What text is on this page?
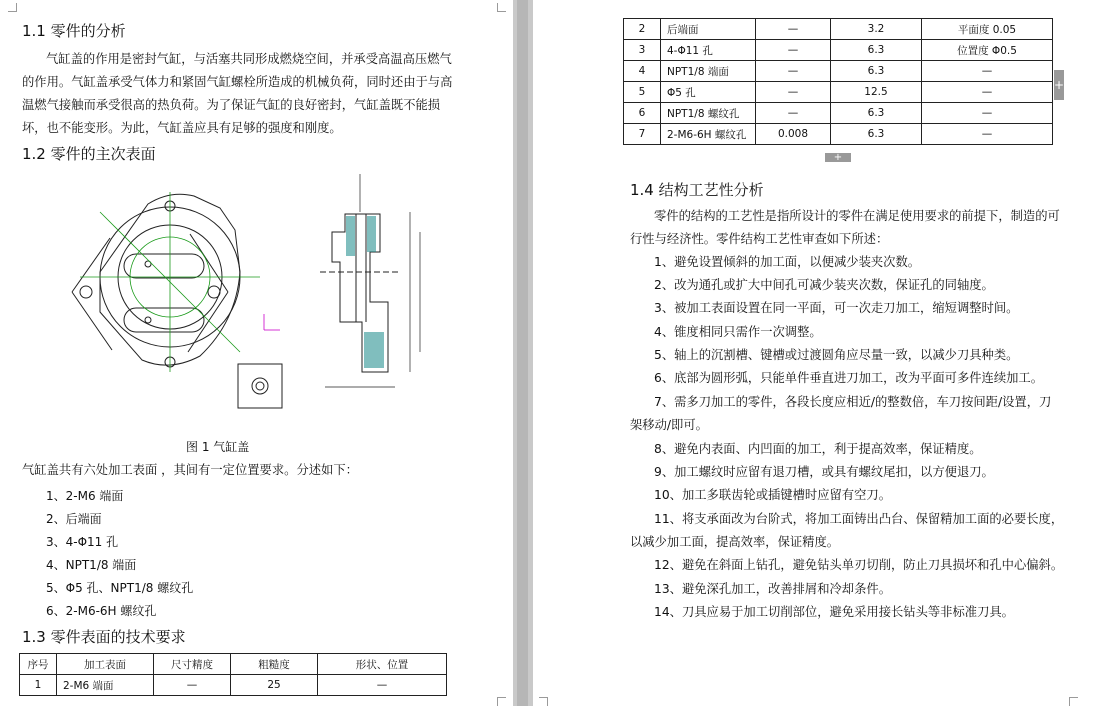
1.1 零件的分析
气缸盖的作用是密封气缸，与活塞共同形成燃烧空间，并承受高温高压燃气
的作用。气缸盖承受气体力和紧固气缸螺栓所造成的机械负荷，同时还由于与高
温燃气接触而承受很高的热负荷。为了保证气缸的良好密封，气缸盖既不能损
坏，也不能变形。为此，气缸盖应具有足够的强度和刚度。
1.2 零件的主次表面
图 1 气缸盖
气缸盖共有六处加工表面 ，其间有一定位置要求。分述如下：
1、2-M6 端面
2、后端面
3、4-Φ11 孔
4、NPT1/8 端面
5、Φ5 孔、NPT1/8 螺纹孔
6、2-M6-6H 螺纹孔
1.3 零件表面的技术要求
序号	加工表面	尺寸精度	粗糙度	形状、位置
1	2-M6 端面	—	25	—
2	后端面	—	3.2	平面度 0.05
3	4-Φ11 孔	—	6.3	位置度 Φ0.5
4	NPT1/8 端面	—	6.3	—
5	Φ5 孔	—	12.5	—
6	NPT1/8 螺纹孔	—	6.3	—
7	2-M6-6H 螺纹孔	0.008	6.3	—
+
+
1.4 结构工艺性分析
零件的结构的工艺性是指所设计的零件在满足使用要求的前提下，制造的可
行性与经济性。零件结构工艺性审查如下所述：
1、避免设置倾斜的加工面，以便减少装夹次数。
2、改为通孔或扩大中间孔可减少装夹次数，保证孔的同轴度。
3、被加工表面设置在同一平面，可一次走刀加工，缩短调整时间。
4、锥度相同只需作一次调整。
5、轴上的沉割槽、键槽或过渡圆角应尽量一致，以减少刀具种类。
6、底部为圆形弧，只能单件垂直进刀加工，改为平面可多件连续加工。
7、需多刀加工的零件，各段长度应相近/的整数倍，车刀按间距/设置，刀
架移动/即可。
8、避免内表面、内凹面的加工，利于提高效率，保证精度。
9、加工螺纹时应留有退刀槽，或具有螺纹尾扣，以方便退刀。
10、加工多联齿轮或插键槽时应留有空刀。
11、将支承面改为台阶式，将加工面铸出凸台、保留精加工面的必要长度，
以减少加工面，提高效率，保证精度。
12、避免在斜面上钻孔，避免钻头单刃切削，防止刀具损坏和孔中心偏斜。
13、避免深孔加工，改善排屑和冷却条件。
14、刀具应易于加工切削部位，避免采用接长钻头等非标准刀具。
